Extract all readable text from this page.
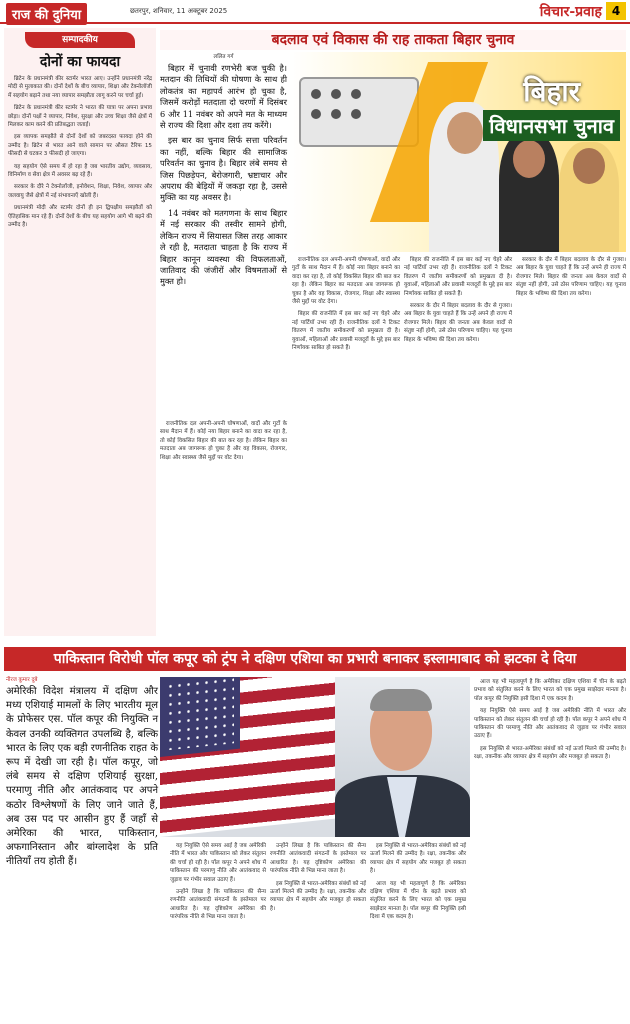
राज की दुनिया	छतरपुर, शनिवार, 11 अक्टूबर 2025	विचार-प्रवाह 4
सम्पादकीय
दोनों का फायदा

ब्रिटेन के प्रधानमंत्री कीर स्टार्मर भारत आए। उन्होंने प्रधानमंत्री नरेंद्र मोदी से मुलाकात की। दोनों देशों के बीच व्यापार, शिक्षा और टेक्नोलॉजी में सहयोग बढ़ाने तथा नया व्यापार समझौता लागू करने पर चर्चा हुई।

ब्रिटेन के प्रधानमंत्री कीर स्टार्मर ने भारत की यात्रा पर अपना प्रभाव छोड़ा। दोनों पक्षों ने व्यापार, निवेश, सुरक्षा और उच्च शिक्षा जैसे क्षेत्रों में मिलकर काम करने की प्रतिबद्धता जताई।

इस व्यापक समझौते से दोनों देशों को जबरदस्त फायदा होने की उम्मीद है। ब्रिटेन से भारत आने वाले सामान पर औसत टैरिफ 15 फीसदी से घटकर 3 फीसदी हो जाएगा।

यह सहयोग ऐसे समय में हो रहा है जब भारतीय उद्योग, व्यवसाय, विनिर्माण व सेवा क्षेत्र में अवसर बढ़ रहे हैं।

सरकार के दौरे ने टेक्नोलॉजी, इनोवेशन, शिक्षा, निवेश, व्यापार और जलवायु जैसे क्षेत्रों में नई संभावनाएँ खोली हैं।

प्रधानमंत्री मोदी और स्टार्मर दोनों ही इन द्विपक्षीय समझौतों को ऐतिहासिक मान रहे हैं। दोनों देशों के बीच यह सहयोग आगे भी बढ़ने की उम्मीद है।

बदलाव एवं विकास की राह ताकता बिहार चुनाव
ललित गर्ग

बिहार में चुनावी रणभेरी बज चुकी है। मतदान की तिथियों की घोषणा के साथ ही लोकतंत्र का महापर्व आरंभ हो चुका है, जिसमें करोड़ों मतदाता दो चरणों में दिसंबर 6 और 11 नवंबर को अपने मत के माध्यम से राज्य की दिशा और दशा तय करेंगे।

इस बार का चुनाव सिर्फ सत्ता परिवर्तन का नहीं, बल्कि बिहार की सामाजिक परिवर्तन का चुनाव है। बिहार लंबे समय से जिस पिछड़ेपन, बेरोजगारी, भ्रष्टाचार और अपराध की बेड़ियों में जकड़ा रहा है, उससे मुक्ति का यह अवसर है।

14 नवंबर को मतगणना के साथ बिहार में नई सरकार की तस्वीर सामने होगी, लेकिन राज्य में सियासत जिस तरह आकार ले रही है, मतदाता चाहता है कि राज्य में बिहार कानून व्यवस्था की विफलताओं, जातिवाद की जंजीरों और विषमताओं से मुक्त हो।

बिहार
विधानसभा चुनाव

राजनीतिक दल अपनी-अपनी घोषणाओं, वादों और गुटों के साथ मैदान में हैं। कोई नया बिहार बनाने का वादा कर रहा है, तो कोई विकसित बिहार की बात कर रहा है। लेकिन बिहार का मतदाता अब जागरूक हो चुका है और वह विकास, रोजगार, शिक्षा और स्वास्थ्य जैसे मुद्दों पर वोट देगा।

राजनीतिक दल अपनी-अपनी घोषणाओं, वादों और गुटों के साथ मैदान में हैं। कोई नया बिहार बनाने का वादा कर रहा है, तो कोई विकसित बिहार की बात कर रहा है। लेकिन बिहार का मतदाता अब जागरूक हो चुका है और वह विकास, रोजगार, शिक्षा और स्वास्थ्य जैसे मुद्दों पर वोट देगा।

बिहार की राजनीति में इस बार कई नए चेहरे और नई पार्टियाँ उभर रही हैं। राजनीतिक दलों ने टिकट वितरण में जातीय समीकरणों को प्रमुखता दी है। युवाओं, महिलाओं और प्रवासी मजदूरों के मुद्दे इस बार निर्णायक साबित हो सकते हैं।

बिहार की राजनीति में इस बार कई नए चेहरे और नई पार्टियाँ उभर रही हैं। राजनीतिक दलों ने टिकट वितरण में जातीय समीकरणों को प्रमुखता दी है। युवाओं, महिलाओं और प्रवासी मजदूरों के मुद्दे इस बार निर्णायक साबित हो सकते हैं।

सरकार के दौर में बिहार बदलाव के दौर से गुजरा। अब बिहार के युवा चाहते हैं कि उन्हें अपने ही राज्य में रोजगार मिले। बिहार की जनता अब केवल वादों से संतुष्ट नहीं होगी, उसे ठोस परिणाम चाहिए। यह चुनाव बिहार के भविष्य की दिशा तय करेगा।

सरकार के दौर में बिहार बदलाव के दौर से गुजरा। अब बिहार के युवा चाहते हैं कि उन्हें अपने ही राज्य में रोजगार मिले। बिहार की जनता अब केवल वादों से संतुष्ट नहीं होगी, उसे ठोस परिणाम चाहिए। यह चुनाव बिहार के भविष्य की दिशा तय करेगा।

पाकिस्तान विरोधी पॉल कपूर को ट्रंप ने दक्षिण एशिया का प्रभारी बनाकर इस्लामाबाद को झटका दे दिया
नीरज कुमार दुबे
अमेरिकी विदेश मंत्रालय में दक्षिण और मध्य एशियाई मामलों के लिए भारतीय मूल के प्रोफेसर एस. पॉल कपूर की नियुक्ति न केवल उनकी व्यक्तिगत उपलब्धि है, बल्कि भारत के लिए एक बड़ी रणनीतिक राहत के रूप में देखी जा रही है। पॉल कपूर, जो लंबे समय से दक्षिण एशियाई सुरक्षा, परमाणु नीति और आतंकवाद पर अपने कठोर विश्लेषणों के लिए जाने जाते हैं, अब उस पद पर आसीन हुए हैं जहाँ से अमेरिका की भारत, पाकिस्तान, अफगानिस्तान और बांग्लादेश के प्रति नीतियाँ तय होती हैं।

यह नियुक्ति ऐसे समय आई है जब अमेरिकी नीति में भारत और पाकिस्तान को लेकर संतुलन की चर्चा हो रही है। पॉल कपूर ने अपने शोध में पाकिस्तान की परमाणु नीति और आतंकवाद से जुड़ाव पर गंभीर सवाल उठाए हैं।

उन्होंने लिखा है कि पाकिस्तान की सैन्य रणनीति आतंकवादी संगठनों के इस्तेमाल पर आधारित है। यह दृष्टिकोण अमेरिका की पारंपरिक नीति से भिन्न माना जाता है।

उन्होंने लिखा है कि पाकिस्तान की सैन्य रणनीति आतंकवादी संगठनों के इस्तेमाल पर आधारित है। यह दृष्टिकोण अमेरिका की पारंपरिक नीति से भिन्न माना जाता है।

इस नियुक्ति से भारत-अमेरिका संबंधों को नई ऊर्जा मिलने की उम्मीद है। रक्षा, तकनीक और व्यापार क्षेत्र में सहयोग और मजबूत हो सकता है।

इस नियुक्ति से भारत-अमेरिका संबंधों को नई ऊर्जा मिलने की उम्मीद है। रक्षा, तकनीक और व्यापार क्षेत्र में सहयोग और मजबूत हो सकता है।

आज यह भी महत्वपूर्ण है कि अमेरिका दक्षिण एशिया में चीन के बढ़ते प्रभाव को संतुलित करने के लिए भारत को एक प्रमुख साझेदार मानता है। पॉल कपूर की नियुक्ति इसी दिशा में एक कदम है।

आज यह भी महत्वपूर्ण है कि अमेरिका दक्षिण एशिया में चीन के बढ़ते प्रभाव को संतुलित करने के लिए भारत को एक प्रमुख साझेदार मानता है। पॉल कपूर की नियुक्ति इसी दिशा में एक कदम है।

यह नियुक्ति ऐसे समय आई है जब अमेरिकी नीति में भारत और पाकिस्तान को लेकर संतुलन की चर्चा हो रही है। पॉल कपूर ने अपने शोध में पाकिस्तान की परमाणु नीति और आतंकवाद से जुड़ाव पर गंभीर सवाल उठाए हैं।

इस नियुक्ति से भारत-अमेरिका संबंधों को नई ऊर्जा मिलने की उम्मीद है। रक्षा, तकनीक और व्यापार क्षेत्र में सहयोग और मजबूत हो सकता है।
